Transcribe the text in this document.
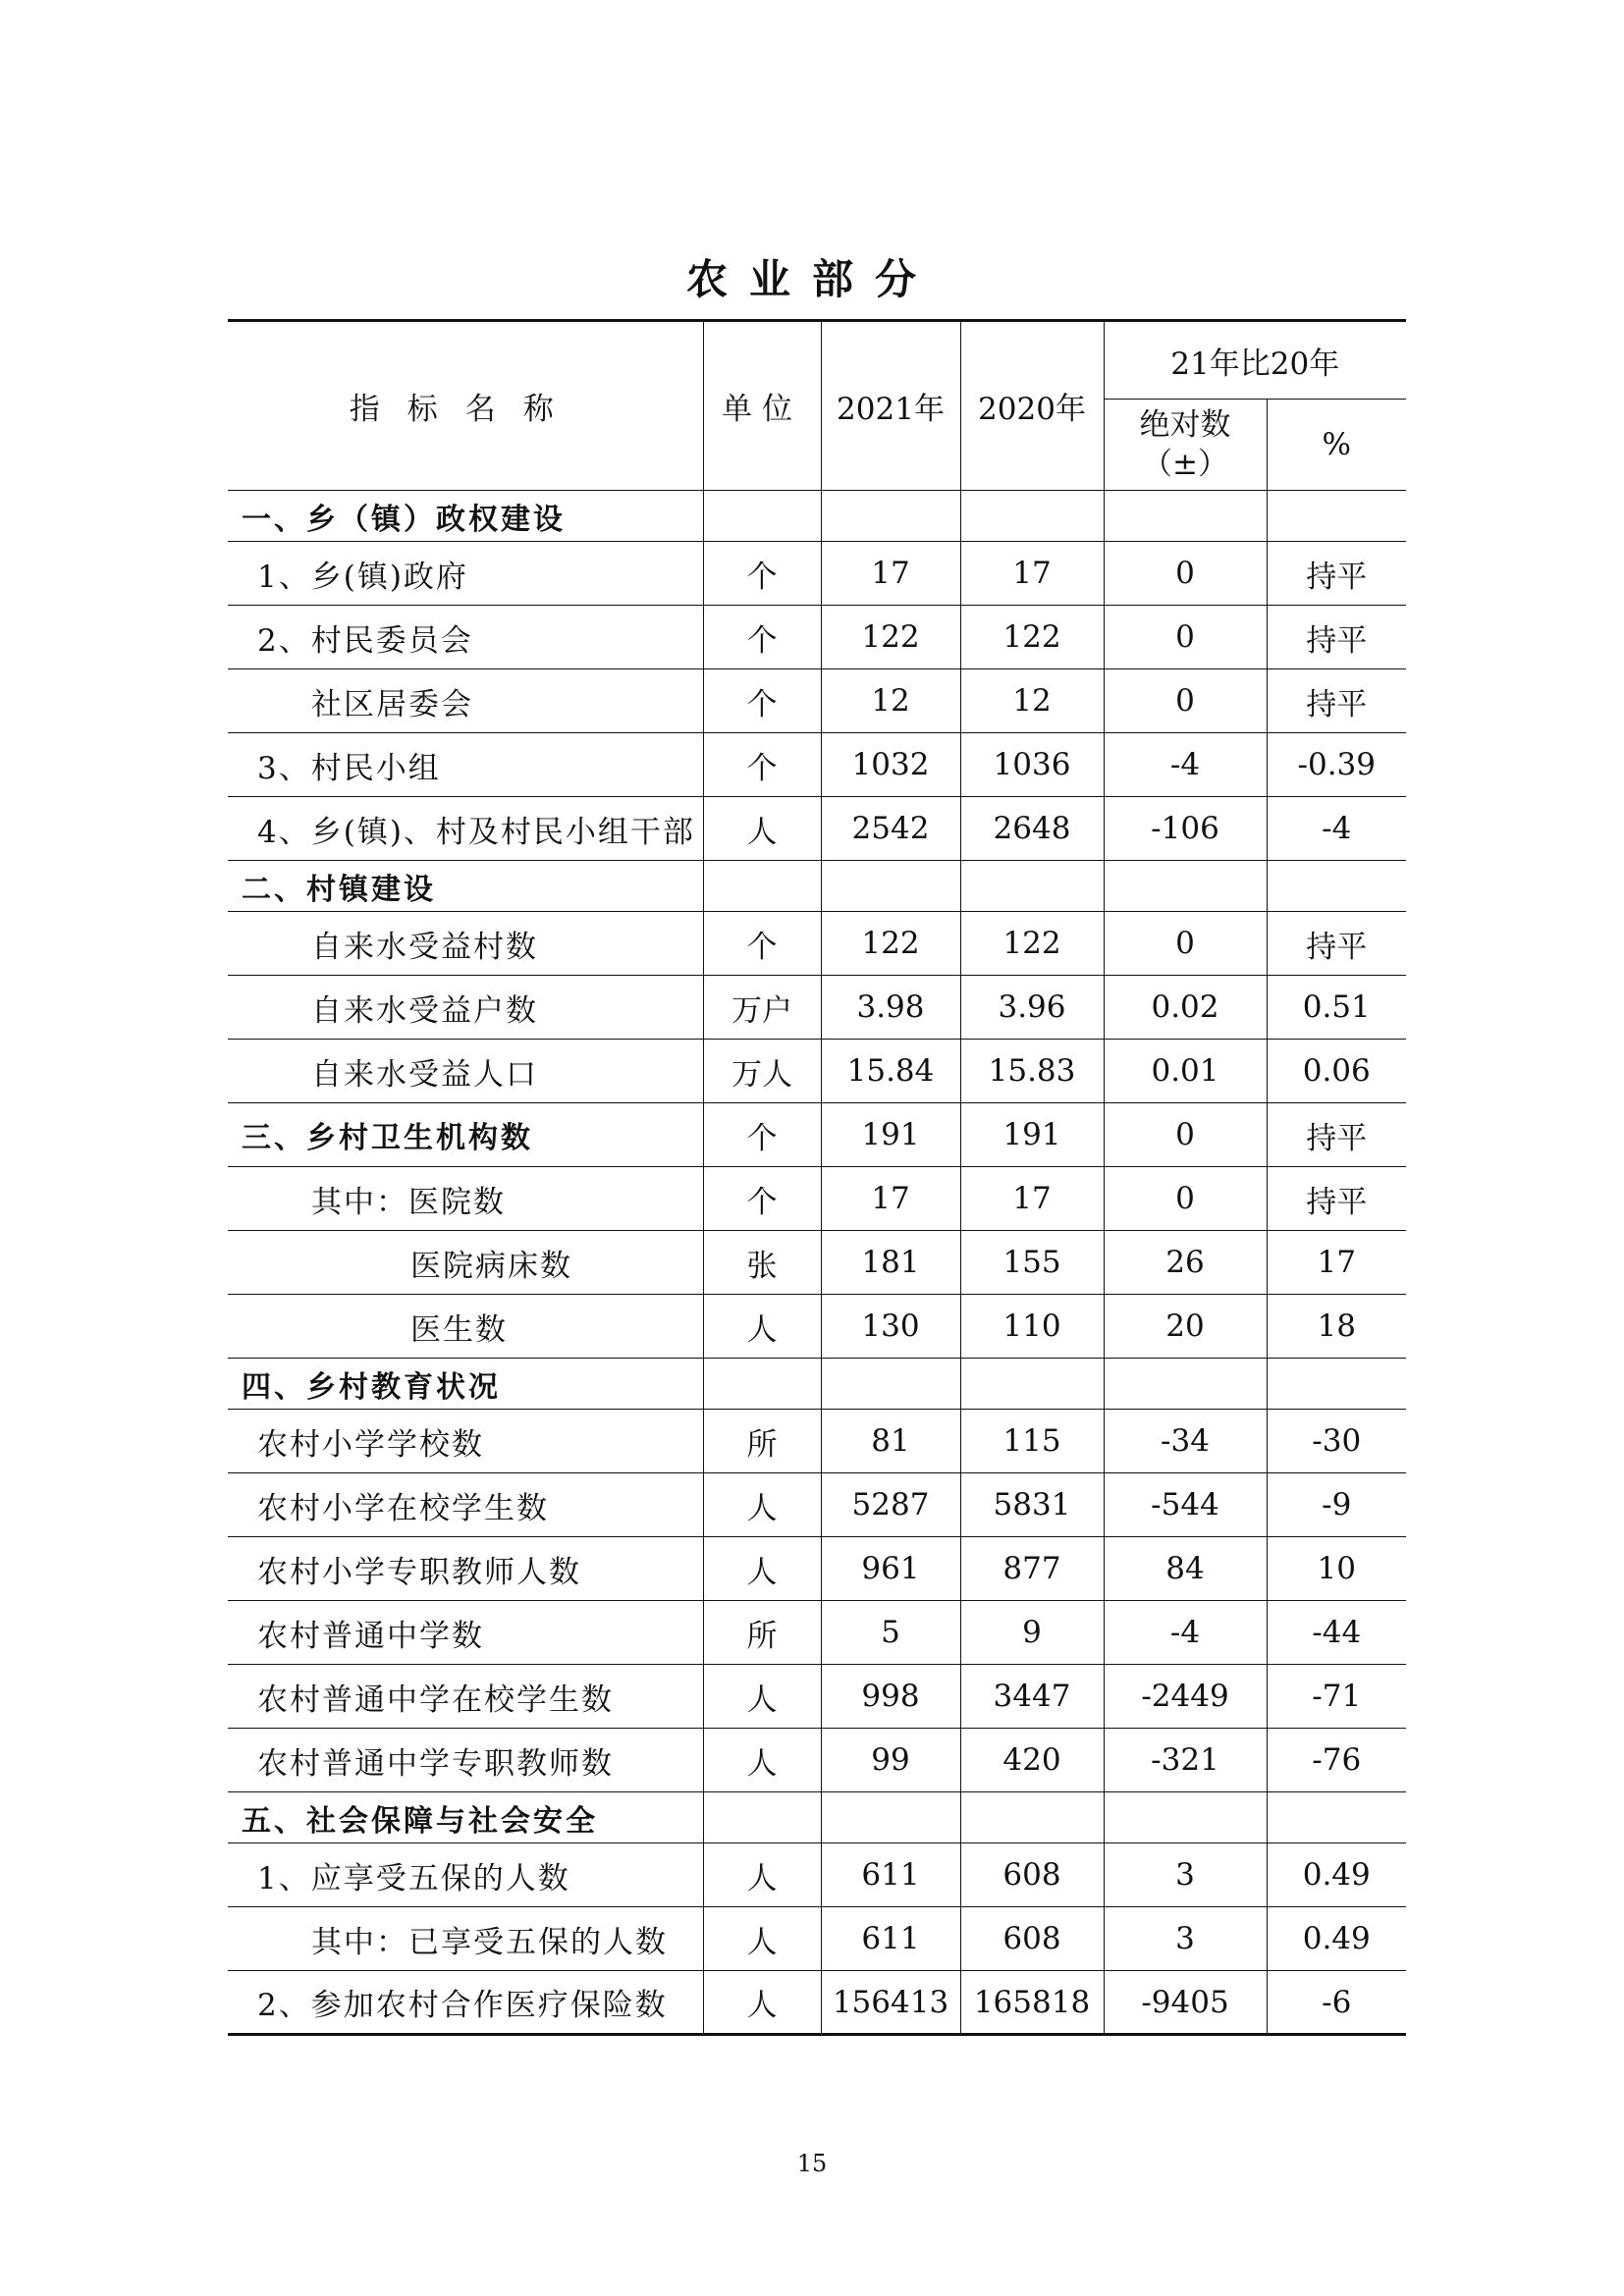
农业部分
指标名称	单位	2021年	2020年	21年比20年	

				绝对数（±）	%
一、乡（镇）政权建设					
1、乡(镇)政府	个	17	17	0	持平
2、村民委员会	个	122	122	0	持平
社区居委会	个	12	12	0	持平
3、村民小组	个	1032	1036	-4	-0.39
4、乡(镇)、村及村民小组干部	人	2542	2648	-106	-4
二、村镇建设					
自来水受益村数	个	122	122	0	持平
自来水受益户数	万户	3.98	3.96	0.02	0.51
自来水受益人口	万人	15.84	15.83	0.01	0.06
三、乡村卫生机构数	个	191	191	0	持平
其中：医院数	个	17	17	0	持平
医院病床数	张	181	155	26	17
医生数	人	130	110	20	18
四、乡村教育状况					
农村小学学校数	所	81	115	-34	-30
农村小学在校学生数	人	5287	5831	-544	-9
农村小学专职教师人数	人	961	877	84	10
农村普通中学数	所	5	9	-4	-44
农村普通中学在校学生数	人	998	3447	-2449	-71
农村普通中学专职教师数	人	99	420	-321	-76
五、社会保障与社会安全					
1、应享受五保的人数	人	611	608	3	0.49
其中：已享受五保的人数	人	611	608	3	0.49
2、参加农村合作医疗保险数	人	156413	165818	-9405	-6
15
